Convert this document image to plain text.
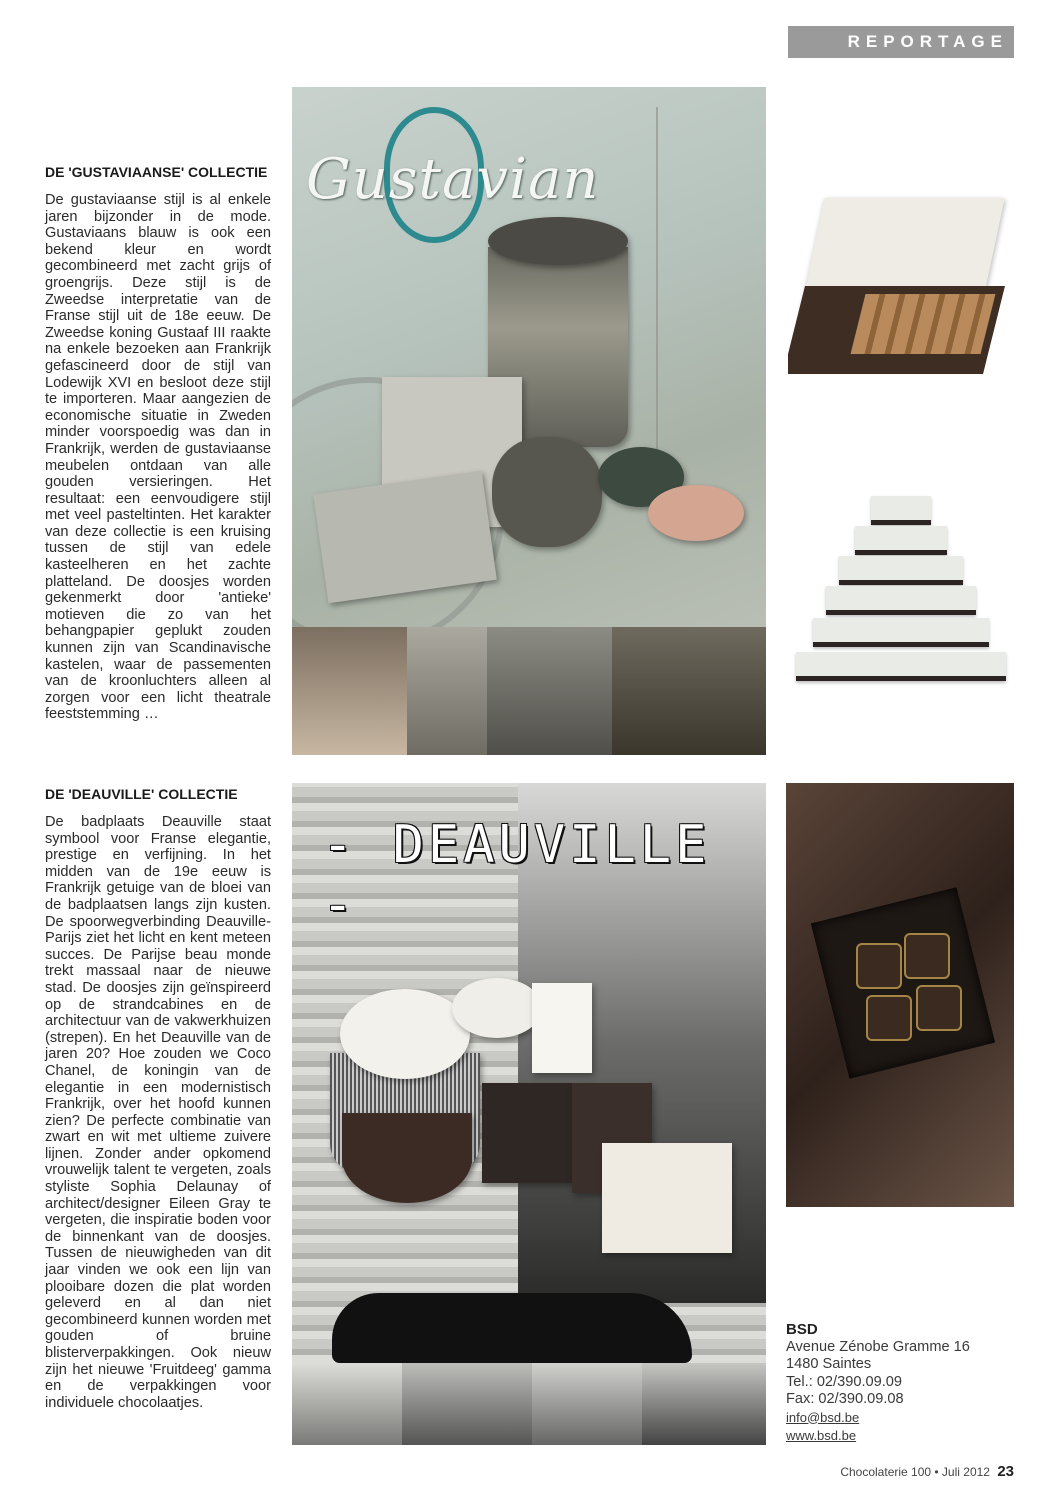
REPORTAGE
DE 'GUSTAVIAANSE' COLLECTIE

De gustaviaanse stijl is al enkele jaren bijzonder in de mode. Gustaviaans blauw is ook een bekend kleur en wordt gecombineerd met zacht grijs of groengrijs. Deze stijl is de Zweedse interpretatie van de Franse stijl uit de 18e eeuw. De Zweedse koning Gustaaf III raakte na enkele bezoeken aan Frankrijk gefascineerd door de stijl van Lodewijk XVI en besloot deze stijl te importeren. Maar aangezien de economische situatie in Zweden minder voorspoedig was dan in Frankrijk, werden de gustaviaanse meubelen ontdaan van alle gouden versieringen. Het resultaat: een eenvoudigere stijl met veel pasteltinten. Het karakter van deze collectie is een kruising tussen de stijl van edele kasteelheren en het zachte platteland. De doosjes worden gekenmerkt door 'antieke' motieven die zo van het behangpapier geplukt zouden kunnen zijn van Scandinavische kastelen, waar de passementen van de kroonluchters alleen al zorgen voor een licht theatrale feeststemming …

DE 'DEAUVILLE' COLLECTIE

De badplaats Deauville staat symbool voor Franse elegantie, prestige en verfijning. In het midden van de 19e eeuw is Frankrijk getuige van de bloei van de badplaatsen langs zijn kusten. De spoorwegverbinding Deauville-Parijs ziet het licht en kent meteen succes. De Parijse beau monde trekt massaal naar de nieuwe stad. De doosjes zijn geïnspireerd op de strandcabines en de architectuur van de vakwerkhuizen (strepen). En het Deauville van de jaren 20? Hoe zouden we Coco Chanel, de koningin van de elegantie in een modernistisch Frankrijk, over het hoofd kunnen zien? De perfecte combinatie van zwart en wit met ultieme zuivere lijnen. Zonder ander opkomend vrouwelijk talent te vergeten, zoals styliste Sophia Delaunay of architect/designer Eileen Gray te vergeten, die inspiratie boden voor de binnenkant van de doosjes. Tussen de nieuwigheden van dit jaar vinden we ook een lijn van plooibare dozen die plat worden geleverd en al dan niet gecombineerd kunnen worden met gouden of bruine blisterverpakkingen. Ook nieuw zijn het nieuwe 'Fruitdeeg' gamma en de verpakkingen voor individuele chocolaatjes.

Gustavian
- DEAUVILLE -
BSD
Avenue Zénobe Gramme 16
1480 Saintes
Tel.: 02/390.09.09
Fax: 02/390.09.08
info@bsd.be
www.bsd.be
Chocolaterie 100 • Juli 2012 23
